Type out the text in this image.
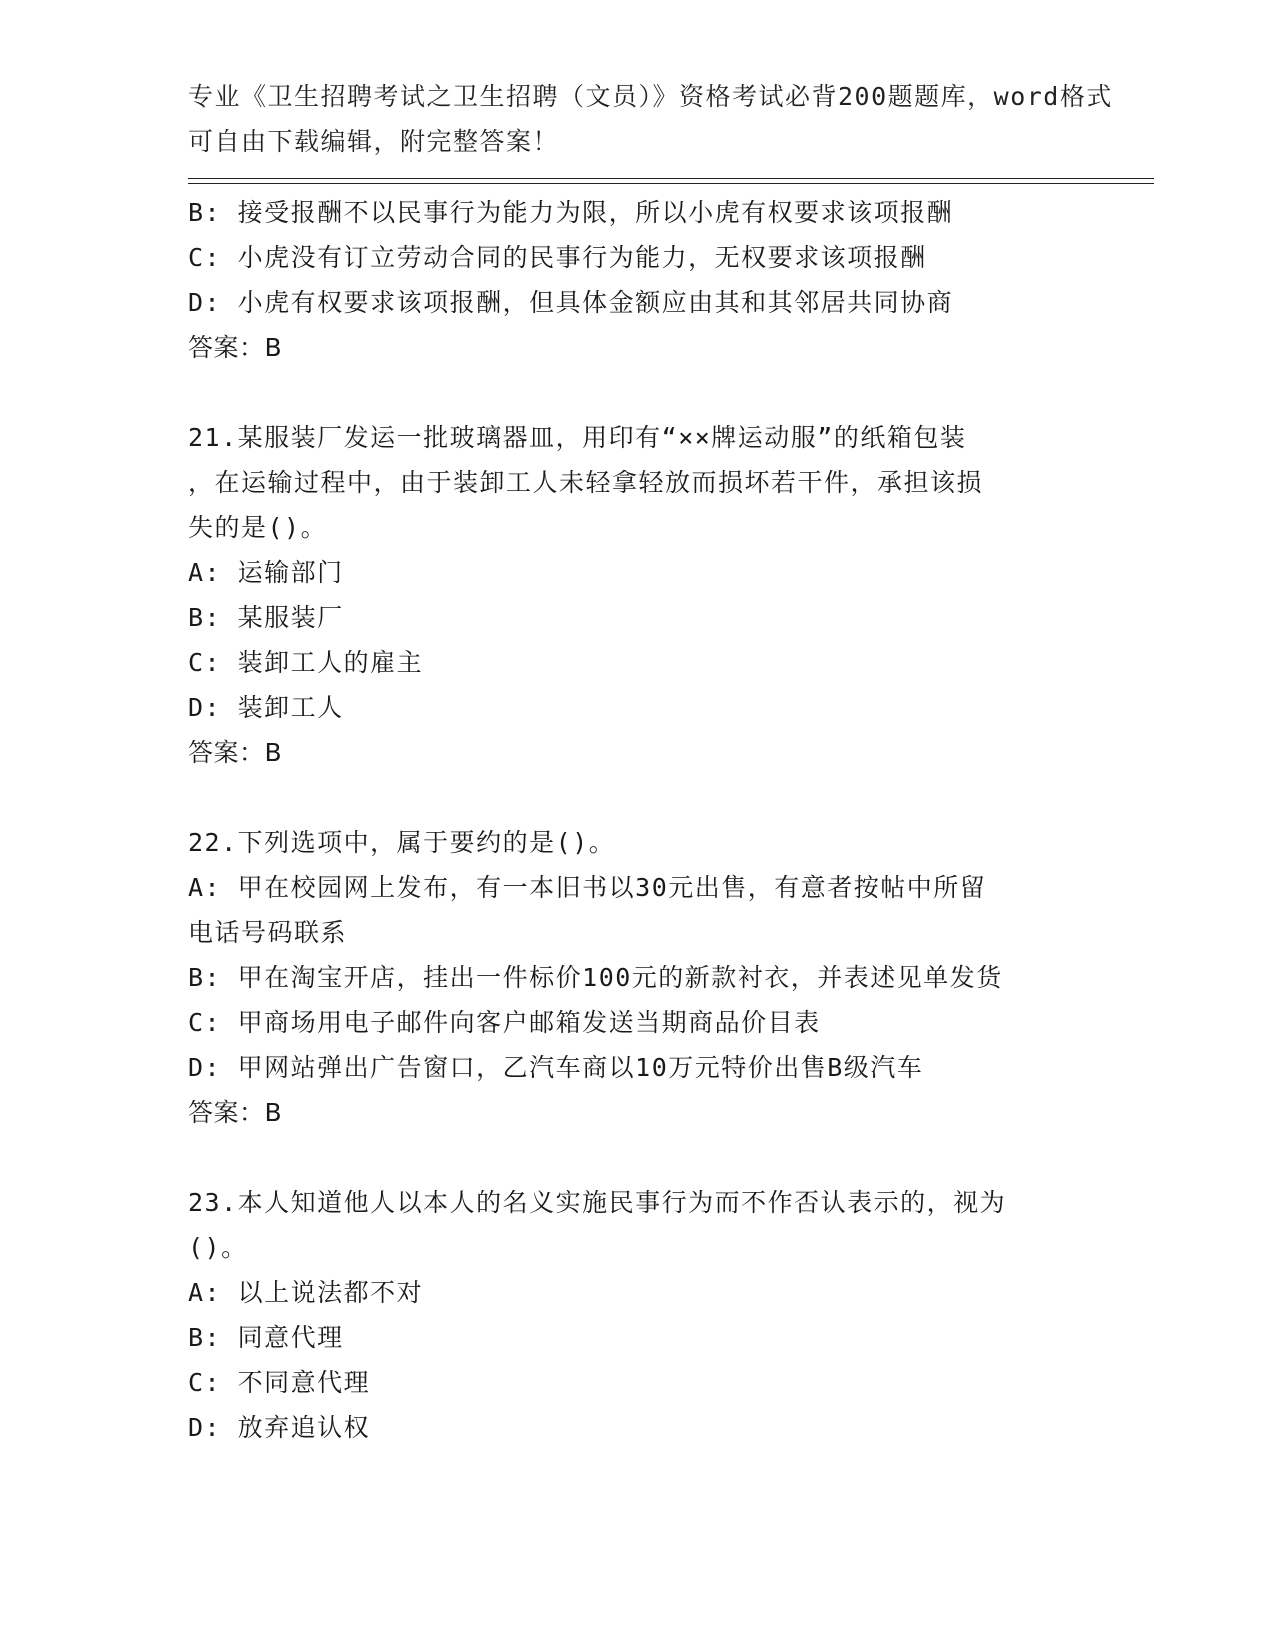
专业《卫生招聘考试之卫生招聘（文员）》资格考试必背200题题库，word格式
可自由下载编辑，附完整答案！
B: 接受报酬不以民事行为能力为限，所以小虎有权要求该项报酬
C: 小虎没有订立劳动合同的民事行为能力，无权要求该项报酬
D: 小虎有权要求该项报酬，但具体金额应由其和其邻居共同协商
答案：B
21.某服装厂发运一批玻璃器皿，用印有“××牌运动服”的纸箱包装
，在运输过程中，由于装卸工人未轻拿轻放而损坏若干件，承担该损
失的是()。
A: 运输部门
B: 某服装厂
C: 装卸工人的雇主
D: 装卸工人
答案：B
22.下列选项中，属于要约的是()。
A: 甲在校园网上发布，有一本旧书以30元出售，有意者按帖中所留
电话号码联系
B: 甲在淘宝开店，挂出一件标价100元的新款衬衣，并表述见单发货
C: 甲商场用电子邮件向客户邮箱发送当期商品价目表
D: 甲网站弹出广告窗口，乙汽车商以10万元特价出售B级汽车
答案：B
23.本人知道他人以本人的名义实施民事行为而不作否认表示的，视为
()。
A: 以上说法都不对
B: 同意代理
C: 不同意代理
D: 放弃追认权
